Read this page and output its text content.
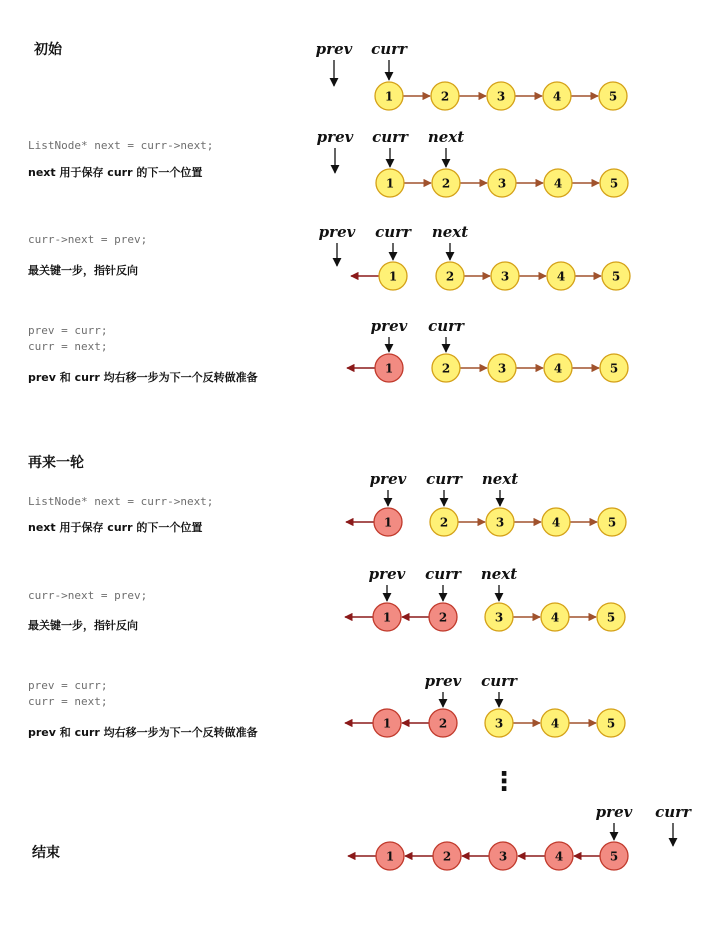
初始
ListNode* next = curr->next;
next 用于保存 curr 的下一个位置
curr->next = prev;
最关键一步，指针反向
prev = curr;
curr = next;
prev 和 curr 均右移一步为下一个反转做准备
再来一轮
ListNode* next = curr->next;
next 用于保存 curr 的下一个位置
curr->next = prev;
最关键一步，指针反向
prev = curr;
curr = next;
prev 和 curr 均右移一步为下一个反转做准备
结束
⋮
1	2	3	4	5
prev curr
1	2	3	4	5
prev curr next
1	2	3	4	5
prev curr next
1	2	3	4	5
prev curr
1	2	3	4	5
prev curr next
1	2	3	4	5
prev curr next
1	2	3	4	5
prev curr
1	2	3	4	5
prev curr
